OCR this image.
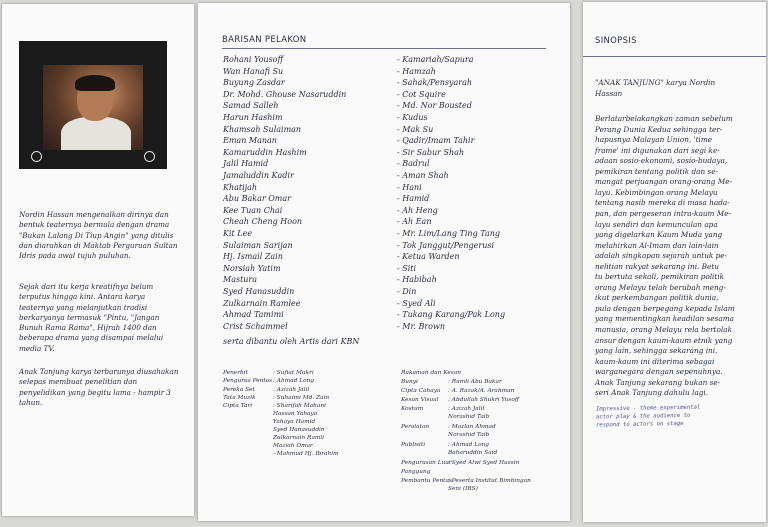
Nordin Hassan mengenalkan dirinya dan bentuk teaternya bermula dengan drama "Bukan Lalang Di Tiup Angin" yang ditulis dan diarahkan di Maktab Perguruan Sultan Idris pada awal tujuh puluhan.

Sejak dari itu kerja kreatifnya belum terputus hingga kini. Antara karya teaternya yang melanjutkan tradisi berkaryanya termasuk "Pintu, "Jangan Bunuh Rama Rama", Hijrah 1400 dan beberapa drama yang disampai melalui media TV.

Anak Tanjung karya terbarunya diusahakan selepas membuat penelitian dan penyelidikan yang begitu lama - hampir 3 tahun.

BARISAN PELAKON
Rohani Yousoff	- Kamariah/Sapura
Wan Hanafi Su	- Hamzah
Buyung Zasdar	- Sahak/Pensyarah
Dr. Mohd. Ghouse Nasaruddin	- Cot Squire
Samad Salleh	- Md. Nor Bousted
Harun Hashim	- Kudus
Khamsah Sulaiman	- Mak Su
Eman Manan	- Qadir/Imam Tahir
Kamaruddin Hashim	- Sir Sabur Shah
Jalil Hamid	- Badrul
Jamaluddin Kadir	- Aman Shah
Khatijah	- Hani
Abu Bakar Omar	- Hamid
Kee Tuan Chai	- Ah Heng
Cheah Cheng Hoon	- Ah Ean
Kit Lee	- Mr. Lim/Lang Ting Tang
Sulaiman Sarijan	- Tok Janggut/Pengerusi
Hj. Ismail Zain	- Ketua Warden
Norsiah Yatim	- Siti
Mastura	- Habibah
Syed Hanasuddin	- Din
Zulkarnain Ramlee	- Syed Ali
Ahmad Tamimi	- Tukang Karang/Pak Long
Crist Schammel	- Mr. Brown
serta dibantu oleh Artis dari KBN
Penerbit	: Sufiat Mukri
Pengurus Pentas : Ahmad Long
Pereka Set	: Azizah Jalil
Tata Muzik	: Suhaimi Md. Zain
Cipta Tari	: Sharifah Mahani
Hassan Yahaya
Yahaya Hamid
Syed Hanasuddin
Zulkarnain Ramli
Maziah Omar
- Mahmud Hj. Ibrahim
Rakaman dan Kesan
Bunyi	: Ramli Abu Bakar
Cipta Cahaya : A. Razak/A. Arahman
Kesan Visual : Abdullah Shukri Yusoff
Kostum	: Azizah Jalil
Norashid Taib
Peralatan	: Mazlan Ahmad
Norashid Taib
Publisiti	: Ahmad Long
Baharuddin Said
Pengurusan Luar
: Syed Alwi Syed Hussin
Panggung
Pembantu Pentas
: Peserta Institut Bimbingan
Seni (IBS)
SINOPSIS
"ANAK TANJUNG" karya Nordin
Hassan
Berlatarbelakangkan zaman sebelum
Perang Dunia Kedua sehingga ter-
hapusnya Malayan Union, 'time
frame' ini digunakan dari segi ke-
adaan sosio-ekonomi, sosio-budaya,
pemikiran tentang politik dan se-
mangat perjuangan orang-orang Me-
layu. Kebimbingan orang Melayu
tentang nasib mereka di masa hada-
pan, dan pergeseran intra-kaum Me-
layu sendiri dan kemunculan apa
yang digelarkan Kaum Muda yang
melahirkan Al-Imam dan lain-lain
adalah singkapan sejarah untuk pe-
nelitian rakyat sekarang ini. Betu
tu bertuta sekali, pemikiran politik
orang Melayu telah berubah meng-
ikut perkembangan politik dunia,
pula dengan berpegang kepada Islam
yang mementingkan keadilan sesama
manusia, orang Melayu rela bertolak
ansur dengan kaum-kaum etnik yang
yang lain, sehingga sekarang ini,
kaum-kaum ini diterima sebagai
warganegara dengan sepenuhnya.
Anak Tanjung sekarang bukan se-
seri Anak Tanjung dahulu lagi.
Impressive - theme experimental
actor play & the audience to
respond to actors on stage
